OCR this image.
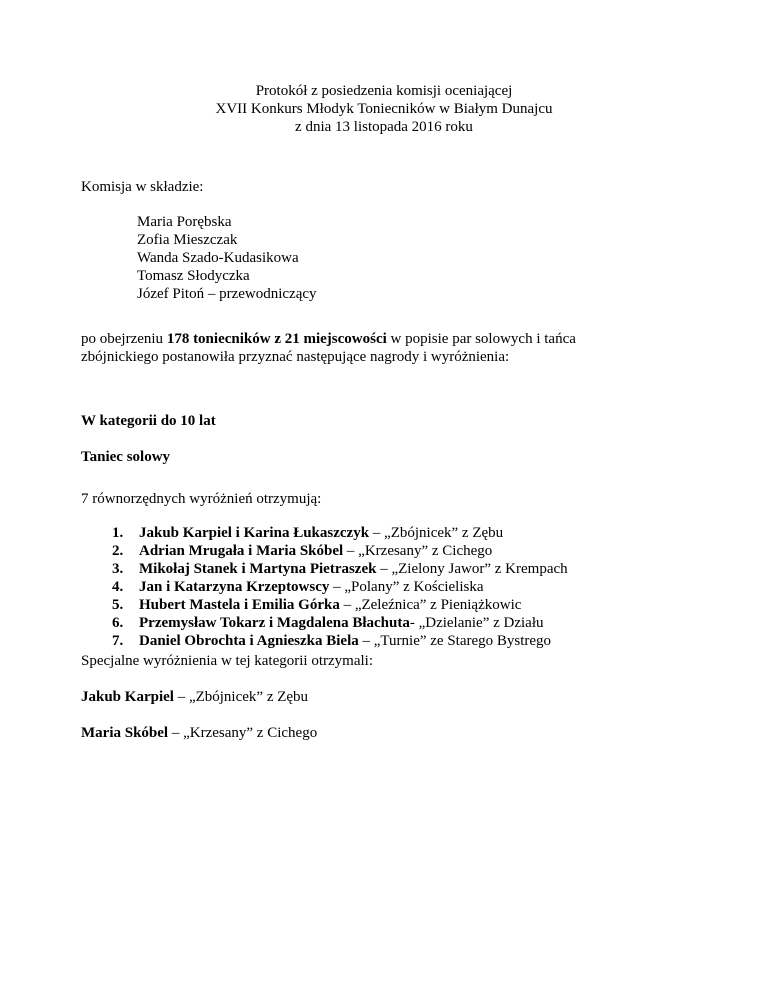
Protokół z posiedzenia komisji oceniającej
XVII Konkurs Młodyk Toniecników w Białym Dunajcu
z dnia 13 listopada 2016 roku
Komisja w składzie:
Maria Porębska
Zofia Mieszczak
Wanda Szado-Kudasikowa
Tomasz Słodyczka
Józef Pitoń – przewodniczący
po obejrzeniu 178 toniecników z 21 miejscowości w popisie par solowych i tańca
zbójnickiego postanowiła przyznać następujące nagrody i wyróżnienia:
W kategorii do 10 lat
Taniec solowy
7 równorzędnych wyróżnień otrzymują:
1. Jakub Karpiel i Karina Łukaszczyk – „Zbójnicek” z Zębu
2. Adrian Mrugała i Maria Skóbel – „Krzesany” z Cichego
3. Mikołaj Stanek i Martyna Pietraszek – „Zielony Jawor” z Krempach
4. Jan i Katarzyna Krzeptowscy – „Polany” z Kościeliska
5. Hubert Mastela i Emilia Górka – „Zeleźnica” z Pieniążkowic
6. Przemysław Tokarz i Magdalena Błachuta- „Dzielanie” z Działu
7. Daniel Obrochta i Agnieszka Biela – „Turnie” ze Starego Bystrego
Specjalne wyróżnienia w tej kategorii otrzymali:
Jakub Karpiel – „Zbójnicek” z Zębu
Maria Skóbel – „Krzesany” z Cichego
